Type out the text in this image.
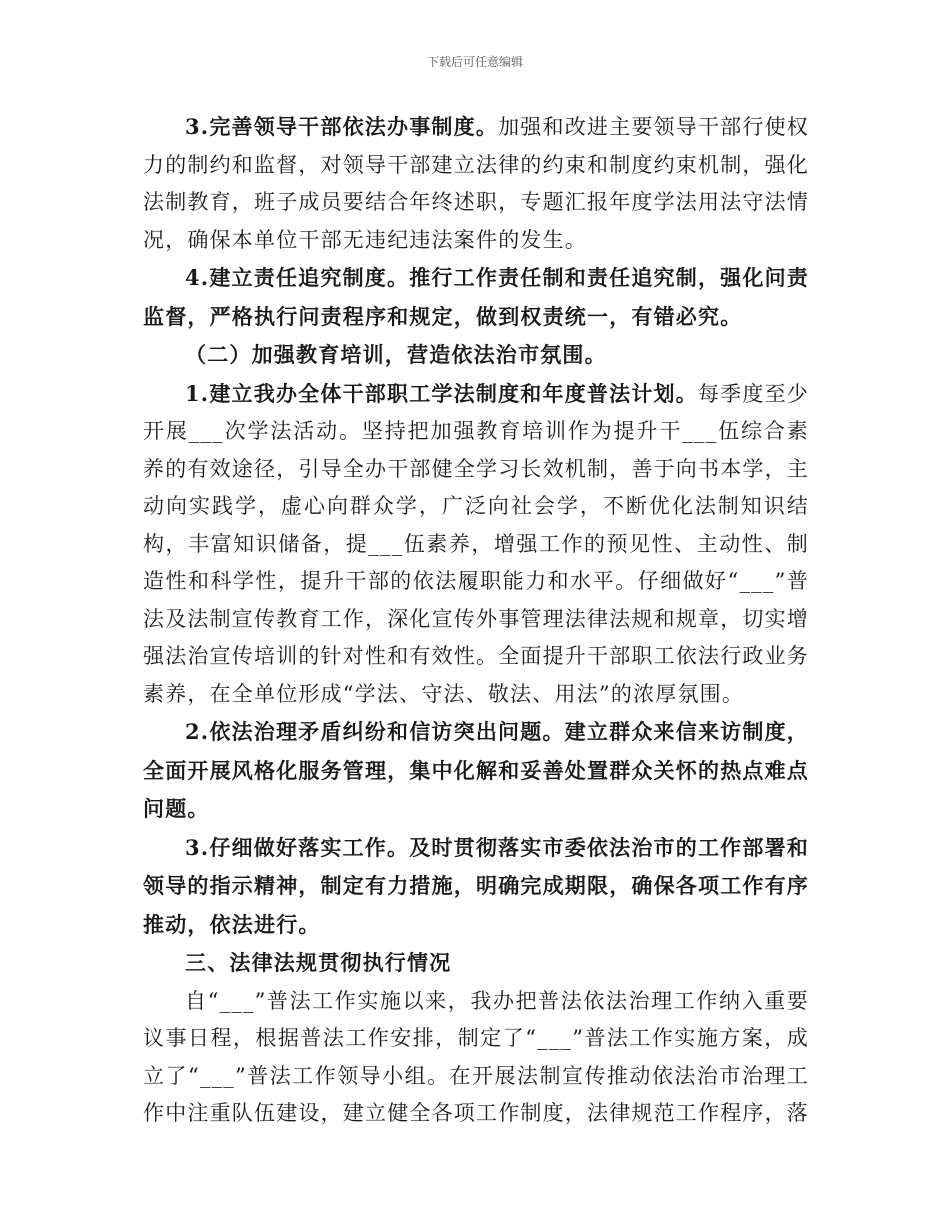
下载后可任意编辑

3.完善领导干部依法办事制度。加强和改进主要领导干部行使权力的制约和监督，对领导干部建立法律的约束和制度约束机制，强化法制教育，班子成员要结合年终述职，专题汇报年度学法用法守法情况，确保本单位干部无违纪违法案件的发生。

4.建立责任追究制度。推行工作责任制和责任追究制，强化问责监督，严格执行问责程序和规定，做到权责统一，有错必究。

（二）加强教育培训，营造依法治市氛围。

1.建立我办全体干部职工学法制度和年度普法计划。每季度至少开展___次学法活动。坚持把加强教育培训作为提升干___伍综合素养的有效途径，引导全办干部健全学习长效机制，善于向书本学，主动向实践学，虚心向群众学，广泛向社会学，不断优化法制知识结构，丰富知识储备，提___伍素养，增强工作的预见性、主动性、制造性和科学性，提升干部的依法履职能力和水平。仔细做好“___”普法及法制宣传教育工作，深化宣传外事管理法律法规和规章，切实增强法治宣传培训的针对性和有效性。全面提升干部职工依法行政业务素养，在全单位形成“学法、守法、敬法、用法”的浓厚氛围。

2.依法治理矛盾纠纷和信访突出问题。建立群众来信来访制度，全面开展风格化服务管理，集中化解和妥善处置群众关怀的热点难点问题。

3.仔细做好落实工作。及时贯彻落实市委依法治市的工作部署和领导的指示精神，制定有力措施，明确完成期限，确保各项工作有序推动，依法进行。

三、法律法规贯彻执行情况

自“___”普法工作实施以来，我办把普法依法治理工作纳入重要议事日程，根据普法工作安排，制定了“___”普法工作实施方案，成立了“___”普法工作领导小组。在开展法制宣传推动依法治市治理工作中注重队伍建设，建立健全各项工作制度，法律规范工作程序，落
